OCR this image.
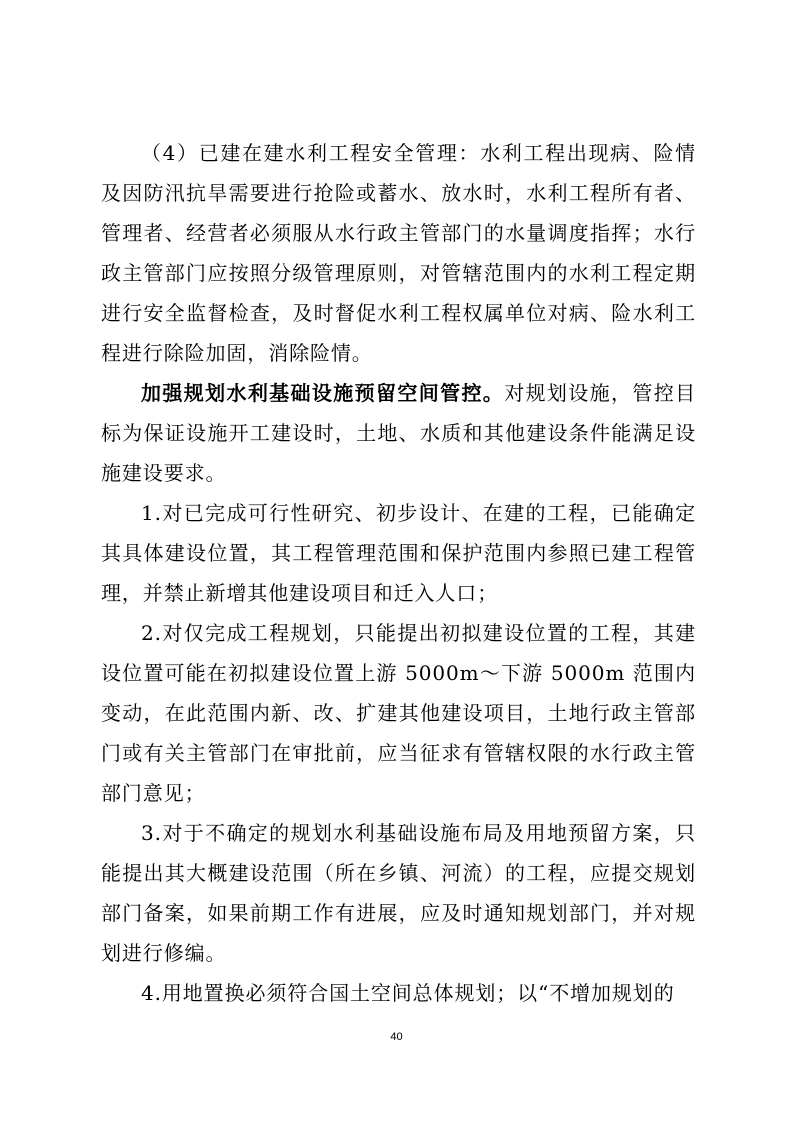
（4）已建在建水利工程安全管理：水利工程出现病、险情及因防汛抗旱需要进行抢险或蓄水、放水时，水利工程所有者、管理者、经营者必须服从水行政主管部门的水量调度指挥；水行政主管部门应按照分级管理原则，对管辖范围内的水利工程定期进行安全监督检查，及时督促水利工程权属单位对病、险水利工程进行除险加固，消除险情。

加强规划水利基础设施预留空间管控。对规划设施，管控目标为保证设施开工建设时，土地、水质和其他建设条件能满足设施建设要求。

1.对已完成可行性研究、初步设计、在建的工程，已能确定其具体建设位置，其工程管理范围和保护范围内参照已建工程管理，并禁止新增其他建设项目和迁入人口；

2.对仅完成工程规划，只能提出初拟建设位置的工程，其建设位置可能在初拟建设位置上游 5000m～下游 5000m 范围内变动，在此范围内新、改、扩建其他建设项目，土地行政主管部门或有关主管部门在审批前，应当征求有管辖权限的水行政主管部门意见；

3.对于不确定的规划水利基础设施布局及用地预留方案，只能提出其大概建设范围（所在乡镇、河流）的工程，应提交规划部门备案，如果前期工作有进展，应及时通知规划部门，并对规划进行修编。

4.用地置换必须符合国土空间总体规划；以“不增加规划的

40
